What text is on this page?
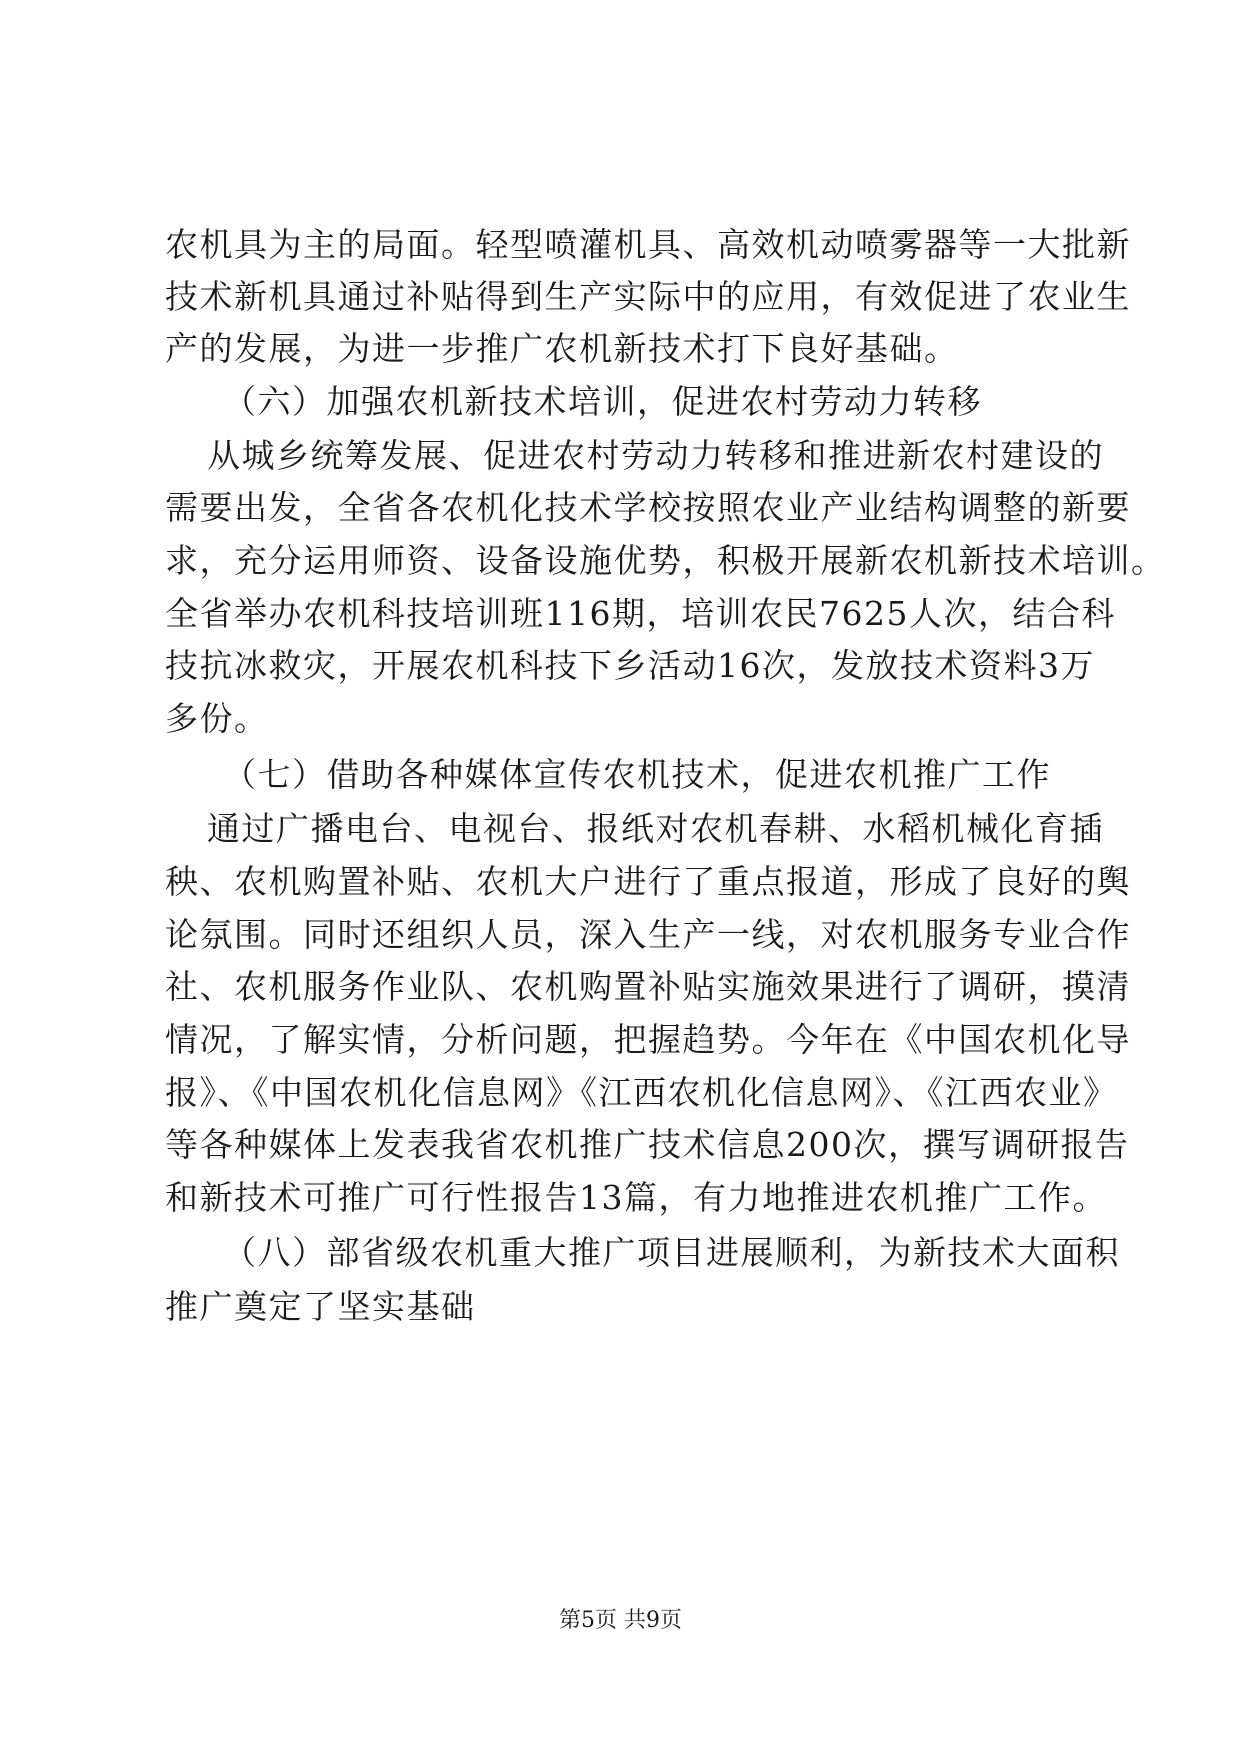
农机具为主的局面。轻型喷灌机具、高效机动喷雾器等一大批新
技术新机具通过补贴得到生产实际中的应用，有效促进了农业生
产的发展，为进一步推广农机新技术打下良好基础。
（六）加强农机新技术培训，促进农村劳动力转移
从城乡统筹发展、促进农村劳动力转移和推进新农村建设的
需要出发，全省各农机化技术学校按照农业产业结构调整的新要
求，充分运用师资、设备设施优势，积极开展新农机新技术培训。
全省举办农机科技培训班116期，培训农民7625人次，结合科
技抗冰救灾，开展农机科技下乡活动16次，发放技术资料3万
多份。
（七）借助各种媒体宣传农机技术，促进农机推广工作
通过广播电台、电视台、报纸对农机春耕、水稻机械化育插
秧、农机购置补贴、农机大户进行了重点报道，形成了良好的舆
论氛围。同时还组织人员，深入生产一线，对农机服务专业合作
社、农机服务作业队、农机购置补贴实施效果进行了调研，摸清
情况，了解实情，分析问题，把握趋势。今年在《中国农机化导
报》、《中国农机化信息网》《江西农机化信息网》、《江西农业》
等各种媒体上发表我省农机推广技术信息200次，撰写调研报告
和新技术可推广可行性报告13篇，有力地推进农机推广工作。
（八）部省级农机重大推广项目进展顺利，为新技术大面积
推广奠定了坚实基础
第5页 共9页
